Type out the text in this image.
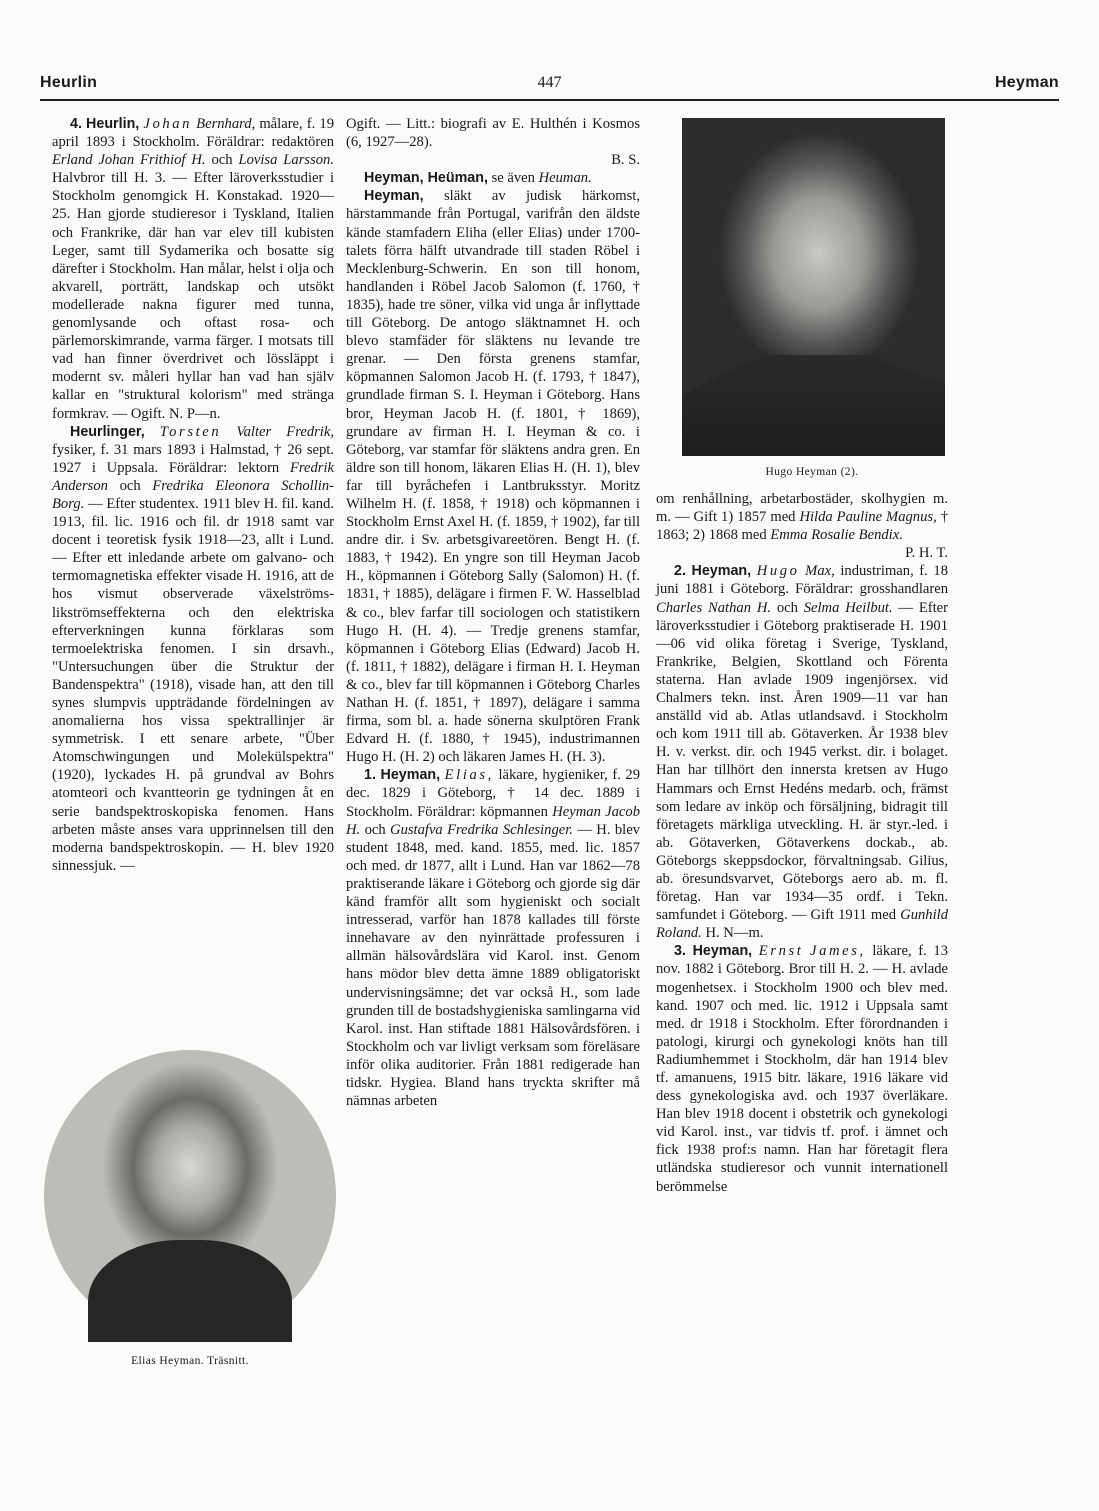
Heurlin	447	Heyman

4. Heurlin, Johan Bernhard, målare, f. 19 april 1893 i Stockholm. Föräldrar: redaktören Erland Johan Frithiof H. och Lovisa Larsson. Halvbror till H. 3. — Efter läroverksstudier i Stockholm genomgick H. Konstakad. 1920—25. Han gjorde studieresor i Tyskland, Italien och Frankrike, där han var elev till kubisten Leger, samt till Sydamerika och bosatte sig därefter i Stockholm. Han målar, helst i olja och akvarell, porträtt, landskap och utsökt modellerade nakna figurer med tunna, genomlysande och oftast rosa- och pärlemorskimrande, varma färger. I motsats till vad han finner överdrivet och lössläppt i modernt sv. måleri hyllar han vad han själv kallar en "struktural kolorism" med stränga formkrav. — Ogift. N. P—n.

Heurlinger, Torsten Valter Fredrik, fysiker, f. 31 mars 1893 i Halmstad, † 26 sept. 1927 i Uppsala. Föräldrar: lektorn Fredrik Anderson och Fredrika Eleonora Schollin-Borg. — Efter studentex. 1911 blev H. fil. kand. 1913, fil. lic. 1916 och fil. dr 1918 samt var docent i teoretisk fysik 1918—23, allt i Lund. — Efter ett inledande arbete om galvano- och termomagnetiska effekter visade H. 1916, att de hos vismut observerade växelströms-likströmseffekterna och den elektriska efterverkningen kunna förklaras som termoelektriska fenomen. I sin drsavh., "Untersuchungen über die Struktur der Bandenspektra" (1918), visade han, att den till synes slumpvis uppträdande fördelningen av anomalierna hos vissa spektrallinjer är symmetrisk. I ett senare arbete, "Über Atomschwingungen und Molekülspektra" (1920), lyckades H. på grundval av Bohrs atomteori och kvantteorin ge tydningen åt en serie bandspektroskopiska fenomen. Hans arbeten måste anses vara upprinnelsen till den moderna bandspektroskopin. — H. blev 1920 sinnessjuk. —

Elias Heyman. Träsnitt.

Ogift. — Litt.: biografi av E. Hulthén i Kosmos (6, 1927—28).
B. S.

Heyman, Heüman, se även Heuman.

Heyman, släkt av judisk härkomst, härstammande från Portugal, varifrån den äldste kände stamfadern Eliha (eller Elias) under 1700-talets förra hälft utvandrade till staden Röbel i Mecklenburg-Schwerin. En son till honom, handlanden i Röbel Jacob Salomon (f. 1760, † 1835), hade tre söner, vilka vid unga år inflyttade till Göteborg. De antogo släktnamnet H. och blevo stamfäder för släktens nu levande tre grenar. — Den första grenens stamfar, köpmannen Salomon Jacob H. (f. 1793, † 1847), grundlade firman S. I. Heyman i Göteborg. Hans bror, Heyman Jacob H. (f. 1801, † 1869), grundare av firman H. I. Heyman & co. i Göteborg, var stamfar för släktens andra gren. En äldre son till honom, läkaren Elias H. (H. 1), blev far till byråchefen i Lantbruksstyr. Moritz Wilhelm H. (f. 1858, † 1918) och köpmannen i Stockholm Ernst Axel H. (f. 1859, † 1902), far till andre dir. i Sv. arbetsgivareetören. Bengt H. (f. 1883, † 1942). En yngre son till Heyman Jacob H., köpmannen i Göteborg Sally (Salomon) H. (f. 1831, † 1885), delägare i firmen F. W. Hasselblad & co., blev farfar till sociologen och statistikern Hugo H. (H. 4). — Tredje grenens stamfar, köpmannen i Göteborg Elias (Edward) Jacob H. (f. 1811, † 1882), delägare i firman H. I. Heyman & co., blev far till köpmannen i Göteborg Charles Nathan H. (f. 1851, † 1897), delägare i samma firma, som bl. a. hade sönerna skulptören Frank Edvard H. (f. 1880, † 1945), industrimannen Hugo H. (H. 2) och läkaren James H. (H. 3).

1. Heyman, Elias, läkare, hygieniker, f. 29 dec. 1829 i Göteborg, † 14 dec. 1889 i Stockholm. Föräldrar: köpmannen Heyman Jacob H. och Gustafva Fredrika Schlesinger. — H. blev student 1848, med. kand. 1855, med. lic. 1857 och med. dr 1877, allt i Lund. Han var 1862—78 praktiserande läkare i Göteborg och gjorde sig där känd framför allt som hygieniskt och socialt intresserad, varför han 1878 kallades till förste innehavare av den nyinrättade professuren i allmän hälsovårdslära vid Karol. inst. Genom hans mödor blev detta ämne 1889 obligatoriskt undervisningsämne; det var också H., som lade grunden till de bostadshygieniska samlingarna vid Karol. inst. Han stiftade 1881 Hälsovårdsfören. i Stockholm och var livligt verksam som föreläsare inför olika auditorier. Från 1881 redigerade han tidskr. Hygiea. Bland hans tryckta skrifter må nämnas arbeten

Hugo Heyman (2).

om renhållning, arbetarbostäder, skolhygien m. m. — Gift 1) 1857 med Hilda Pauline Magnus, † 1863; 2) 1868 med Emma Rosalie Bendix.
P. H. T.

2. Heyman, Hugo Max, industriman, f. 18 juni 1881 i Göteborg. Föräldrar: grosshandlaren Charles Nathan H. och Selma Heilbut. — Efter läroverksstudier i Göteborg praktiserade H. 1901—06 vid olika företag i Sverige, Tyskland, Frankrike, Belgien, Skottland och Förenta staterna. Han avlade 1909 ingenjörsex. vid Chalmers tekn. inst. Åren 1909—11 var han anställd vid ab. Atlas utlandsavd. i Stockholm och kom 1911 till ab. Götaverken. År 1938 blev H. v. verkst. dir. och 1945 verkst. dir. i bolaget. Han har tillhört den innersta kretsen av Hugo Hammars och Ernst Hedéns medarb. och, främst som ledare av inköp och försäljning, bidragit till företagets märkliga utveckling. H. är styr.-led. i ab. Götaverken, Götaverkens dockab., ab. Göteborgs skeppsdockor, förvaltningsab. Gilius, ab. öresundsvarvet, Göteborgs aero ab. m. fl. företag. Han var 1934—35 ordf. i Tekn. samfundet i Göteborg. — Gift 1911 med Gunhild Roland. H. N—m.

3. Heyman, Ernst James, läkare, f. 13 nov. 1882 i Göteborg. Bror till H. 2. — H. avlade mogenhetsex. i Stockholm 1900 och blev med. kand. 1907 och med. lic. 1912 i Uppsala samt med. dr 1918 i Stockholm. Efter förordnanden i patologi, kirurgi och gynekologi knöts han till Radiumhemmet i Stockholm, där han 1914 blev tf. amanuens, 1915 bitr. läkare, 1916 läkare vid dess gynekologiska avd. och 1937 överläkare. Han blev 1918 docent i obstetrik och gynekologi vid Karol. inst., var tidvis tf. prof. i ämnet och fick 1938 prof:s namn. Han har företagit flera utländska studieresor och vunnit internationell berömmelse
